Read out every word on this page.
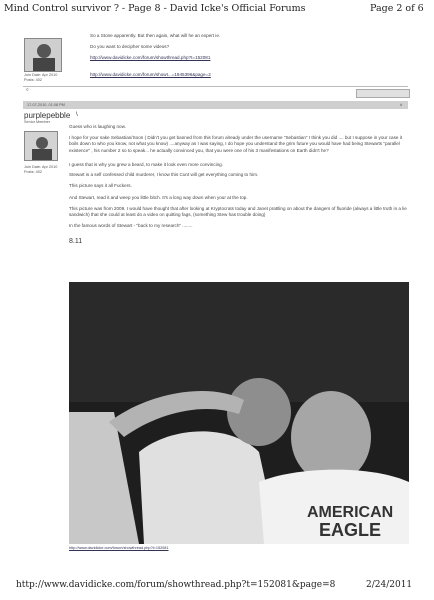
Mind Control survivor ? - Page 8 - David Icke's Official Forums	Page 2 of 6
So a Stone apparently. But then again, what will he an expert ie.
Do you want to decipher some videos?
http://www.davidicke.com/forum/showthread.php?t=152081
Join Date: Apr 2010
Posts: 402
http://www.davidicke.com/forum/showt...=1945396&page=2
©
17-07-2010, 01:08 PM	#
purplepebble \
Senior Member
Join Date: Apr 2010
Posts: 402
Guess who is laughing now.
I hope for your sake Sebastian/Soon ( Didn't you get banned from this forum already under the username "Sebastian" I think you did .... but I suppose in your case it boils down to who you know, not what you know) ....anyway as I was saying, I do hope you understand the grim future you would have had being Stewarts "parallel existence" , his number 2 so to speak... he actually convinced you, that you were one of his 3 manifestations on Earth didn't he?
I guess that is why you grew a beard, to make it look even more convincing.
Stewart is a self confessed child murderer, I know this Cunt will get everything coming to him.
This picture says it all Fuckers.
And Stewart, read it and weep you little bitch. It's a long way down when your at the top.
This picture was from 2009. I would have thought that after looking at Kryptocrats today and Janet prattling on about the dangers of fluoride (always a little truth in a lie sandwich) that she could at least do a video on quitting fags, (something Stew has trouble doing)
In the famous words of Stewart - "back to my research" ........
8.11
AMERICAN
EAGLE
http://www.davidicke.com/forum/showthread.php?t=152081
http://www.davidicke.com/forum/showthread.php?t=152081&page=8	2/24/2011
